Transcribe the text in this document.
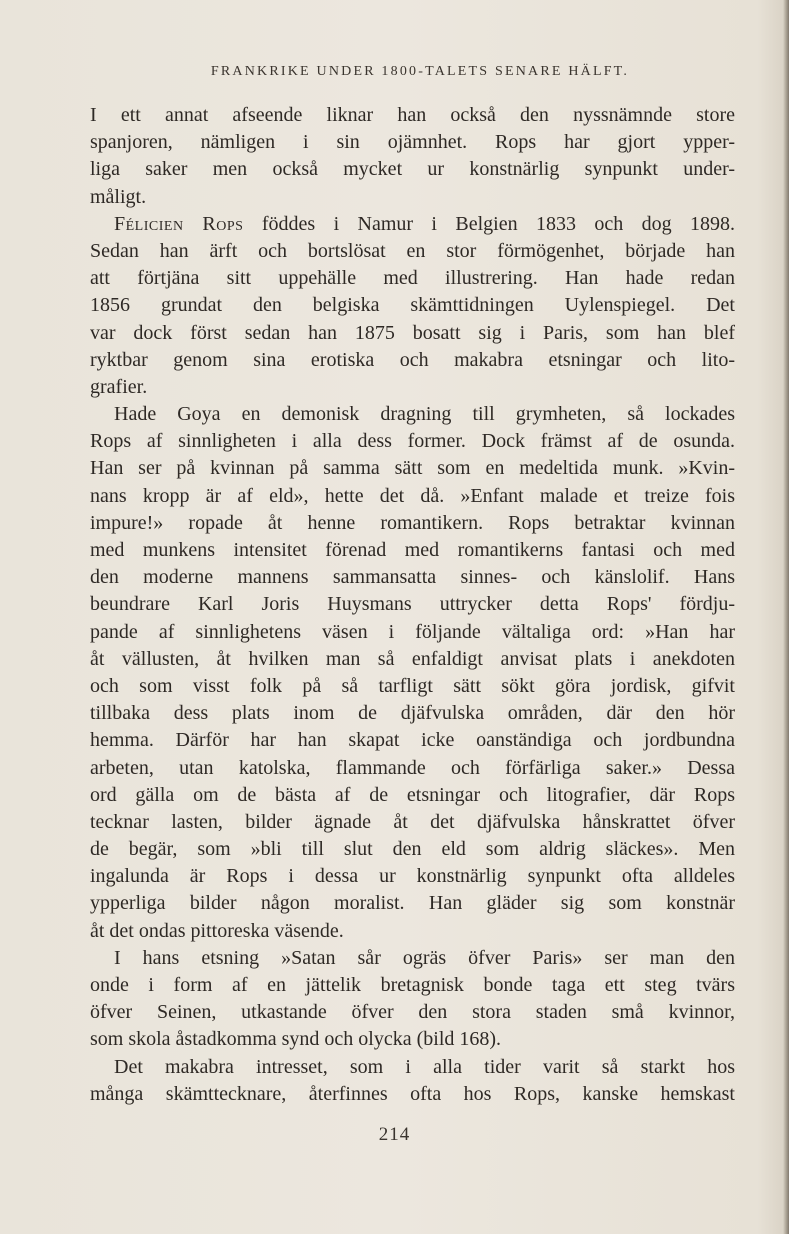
FRANKRIKE UNDER 1800-TALETS SENARE HÄLFT.
I ett annat afseende liknar han också den nyssnämnde store
spanjoren, nämligen i sin ojämnhet. Rops har gjort ypper-
liga saker men också mycket ur konstnärlig synpunkt under-
måligt.
Félicien Rops föddes i Namur i Belgien 1833 och dog 1898.
Sedan han ärft och bortslösat en stor förmögenhet, började han
att förtjäna sitt uppehälle med illustrering. Han hade redan
1856 grundat den belgiska skämttidningen Uylenspiegel. Det
var dock först sedan han 1875 bosatt sig i Paris, som han blef
ryktbar genom sina erotiska och makabra etsningar och lito-
grafier.
Hade Goya en demonisk dragning till grymheten, så lockades
Rops af sinnligheten i alla dess former. Dock främst af de osunda.
Han ser på kvinnan på samma sätt som en medeltida munk. »Kvin-
nans kropp är af eld», hette det då. »Enfant malade et treize fois
impure!» ropade åt henne romantikern. Rops betraktar kvinnan
med munkens intensitet förenad med romantikerns fantasi och med
den moderne mannens sammansatta sinnes- och känslolif. Hans
beundrare Karl Joris Huysmans uttrycker detta Rops' fördju-
pande af sinnlighetens väsen i följande vältaliga ord: »Han har
åt vällusten, åt hvilken man så enfaldigt anvisat plats i anekdoten
och som visst folk på så tarfligt sätt sökt göra jordisk, gifvit
tillbaka dess plats inom de djäfvulska områden, där den hör
hemma. Därför har han skapat icke oanständiga och jordbundna
arbeten, utan katolska, flammande och förfärliga saker.» Dessa
ord gälla om de bästa af de etsningar och litografier, där Rops
tecknar lasten, bilder ägnade åt det djäfvulska hånskrattet öfver
de begär, som »bli till slut den eld som aldrig släckes». Men
ingalunda är Rops i dessa ur konstnärlig synpunkt ofta alldeles
ypperliga bilder någon moralist. Han gläder sig som konstnär
åt det ondas pittoreska väsende.
I hans etsning »Satan sår ogräs öfver Paris» ser man den
onde i form af en jättelik bretagnisk bonde taga ett steg tvärs
öfver Seinen, utkastande öfver den stora staden små kvinnor,
som skola åstadkomma synd och olycka (bild 168).
Det makabra intresset, som i alla tider varit så starkt hos
många skämttecknare, återfinnes ofta hos Rops, kanske hemskast
214
